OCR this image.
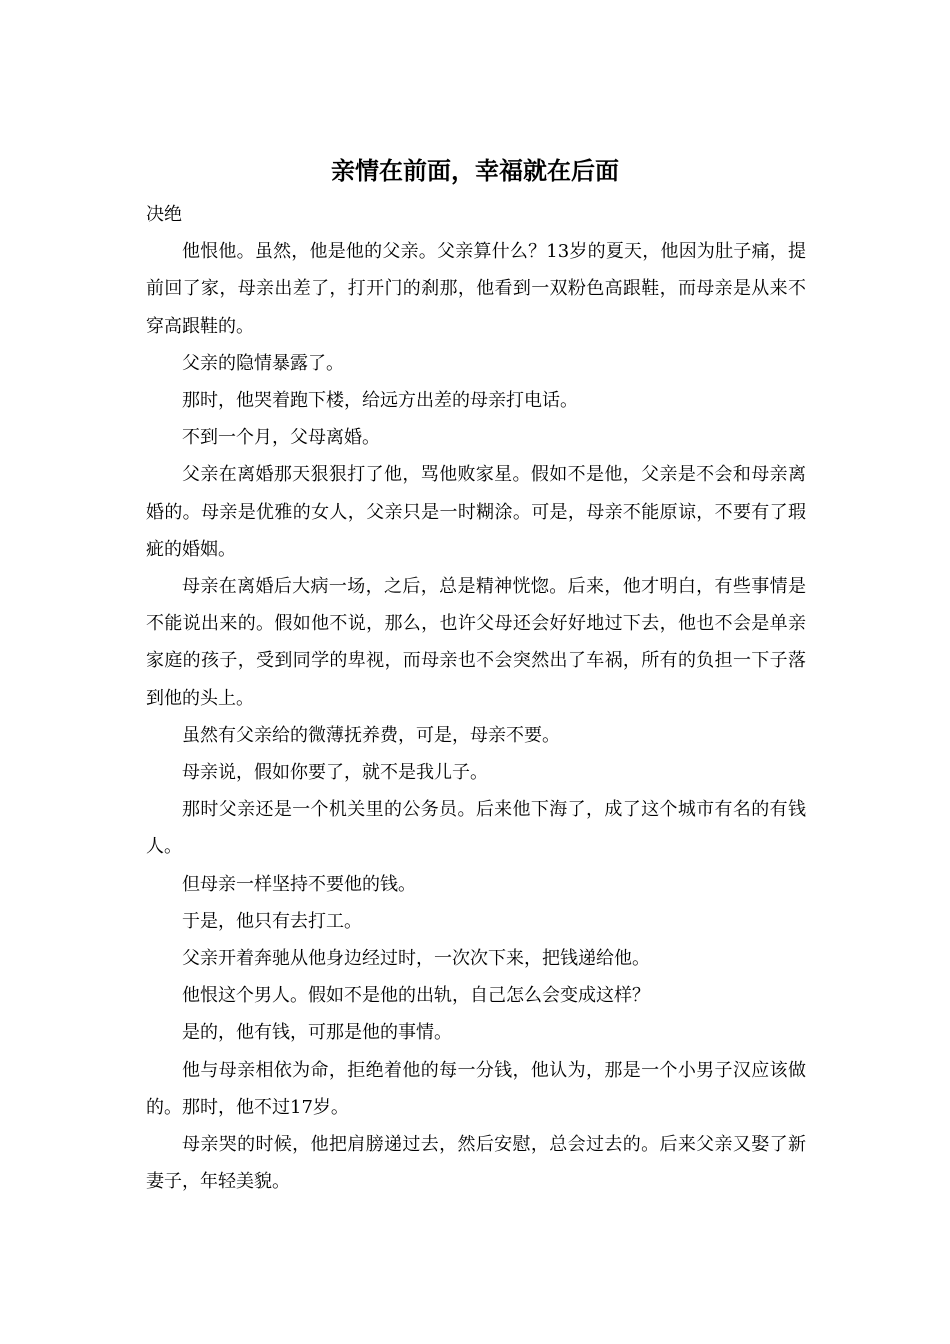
亲情在前面，幸福就在后面

决绝

他恨他。虽然，他是他的父亲。父亲算什么？13岁的夏天，他因为肚子痛，提前回了家，母亲出差了，打开门的刹那，他看到一双粉色高跟鞋，而母亲是从来不穿高跟鞋的。

父亲的隐情暴露了。

那时，他哭着跑下楼，给远方出差的母亲打电话。

不到一个月，父母离婚。

父亲在离婚那天狠狠打了他，骂他败家星。假如不是他，父亲是不会和母亲离婚的。母亲是优雅的女人，父亲只是一时糊涂。可是，母亲不能原谅，不要有了瑕疵的婚姻。

母亲在离婚后大病一场，之后，总是精神恍惚。后来，他才明白，有些事情是不能说出来的。假如他不说，那么，也许父母还会好好地过下去，他也不会是单亲家庭的孩子，受到同学的卑视，而母亲也不会突然出了车祸，所有的负担一下子落到他的头上。

虽然有父亲给的微薄抚养费，可是，母亲不要。

母亲说，假如你要了，就不是我儿子。

那时父亲还是一个机关里的公务员。后来他下海了，成了这个城市有名的有钱人。

但母亲一样坚持不要他的钱。

于是，他只有去打工。

父亲开着奔驰从他身边经过时，一次次下来，把钱递给他。

他恨这个男人。假如不是他的出轨，自己怎么会变成这样？

是的，他有钱，可那是他的事情。

他与母亲相依为命，拒绝着他的每一分钱，他认为，那是一个小男子汉应该做的。那时，他不过17岁。

母亲哭的时候，他把肩膀递过去，然后安慰，总会过去的。后来父亲又娶了新妻子，年轻美貌。
